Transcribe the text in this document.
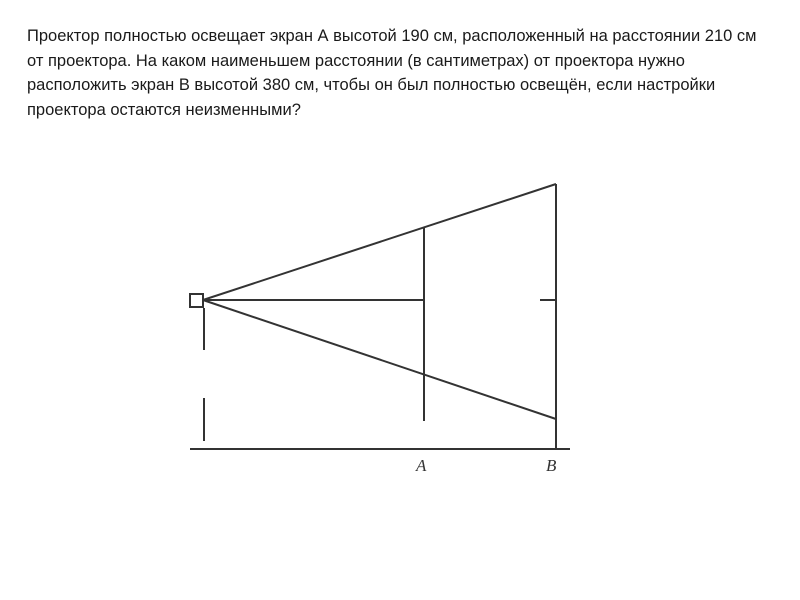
Проектор полностью освещает экран А высотой 190 см, расположенный на расстоянии 210 см от проектора. На каком наименьшем расстоянии (в сантиметрах) от проектора нужно расположить экран В высотой 380 см, чтобы он был полностью освещён, если настройки проектора остаются неизменными?

A	B
